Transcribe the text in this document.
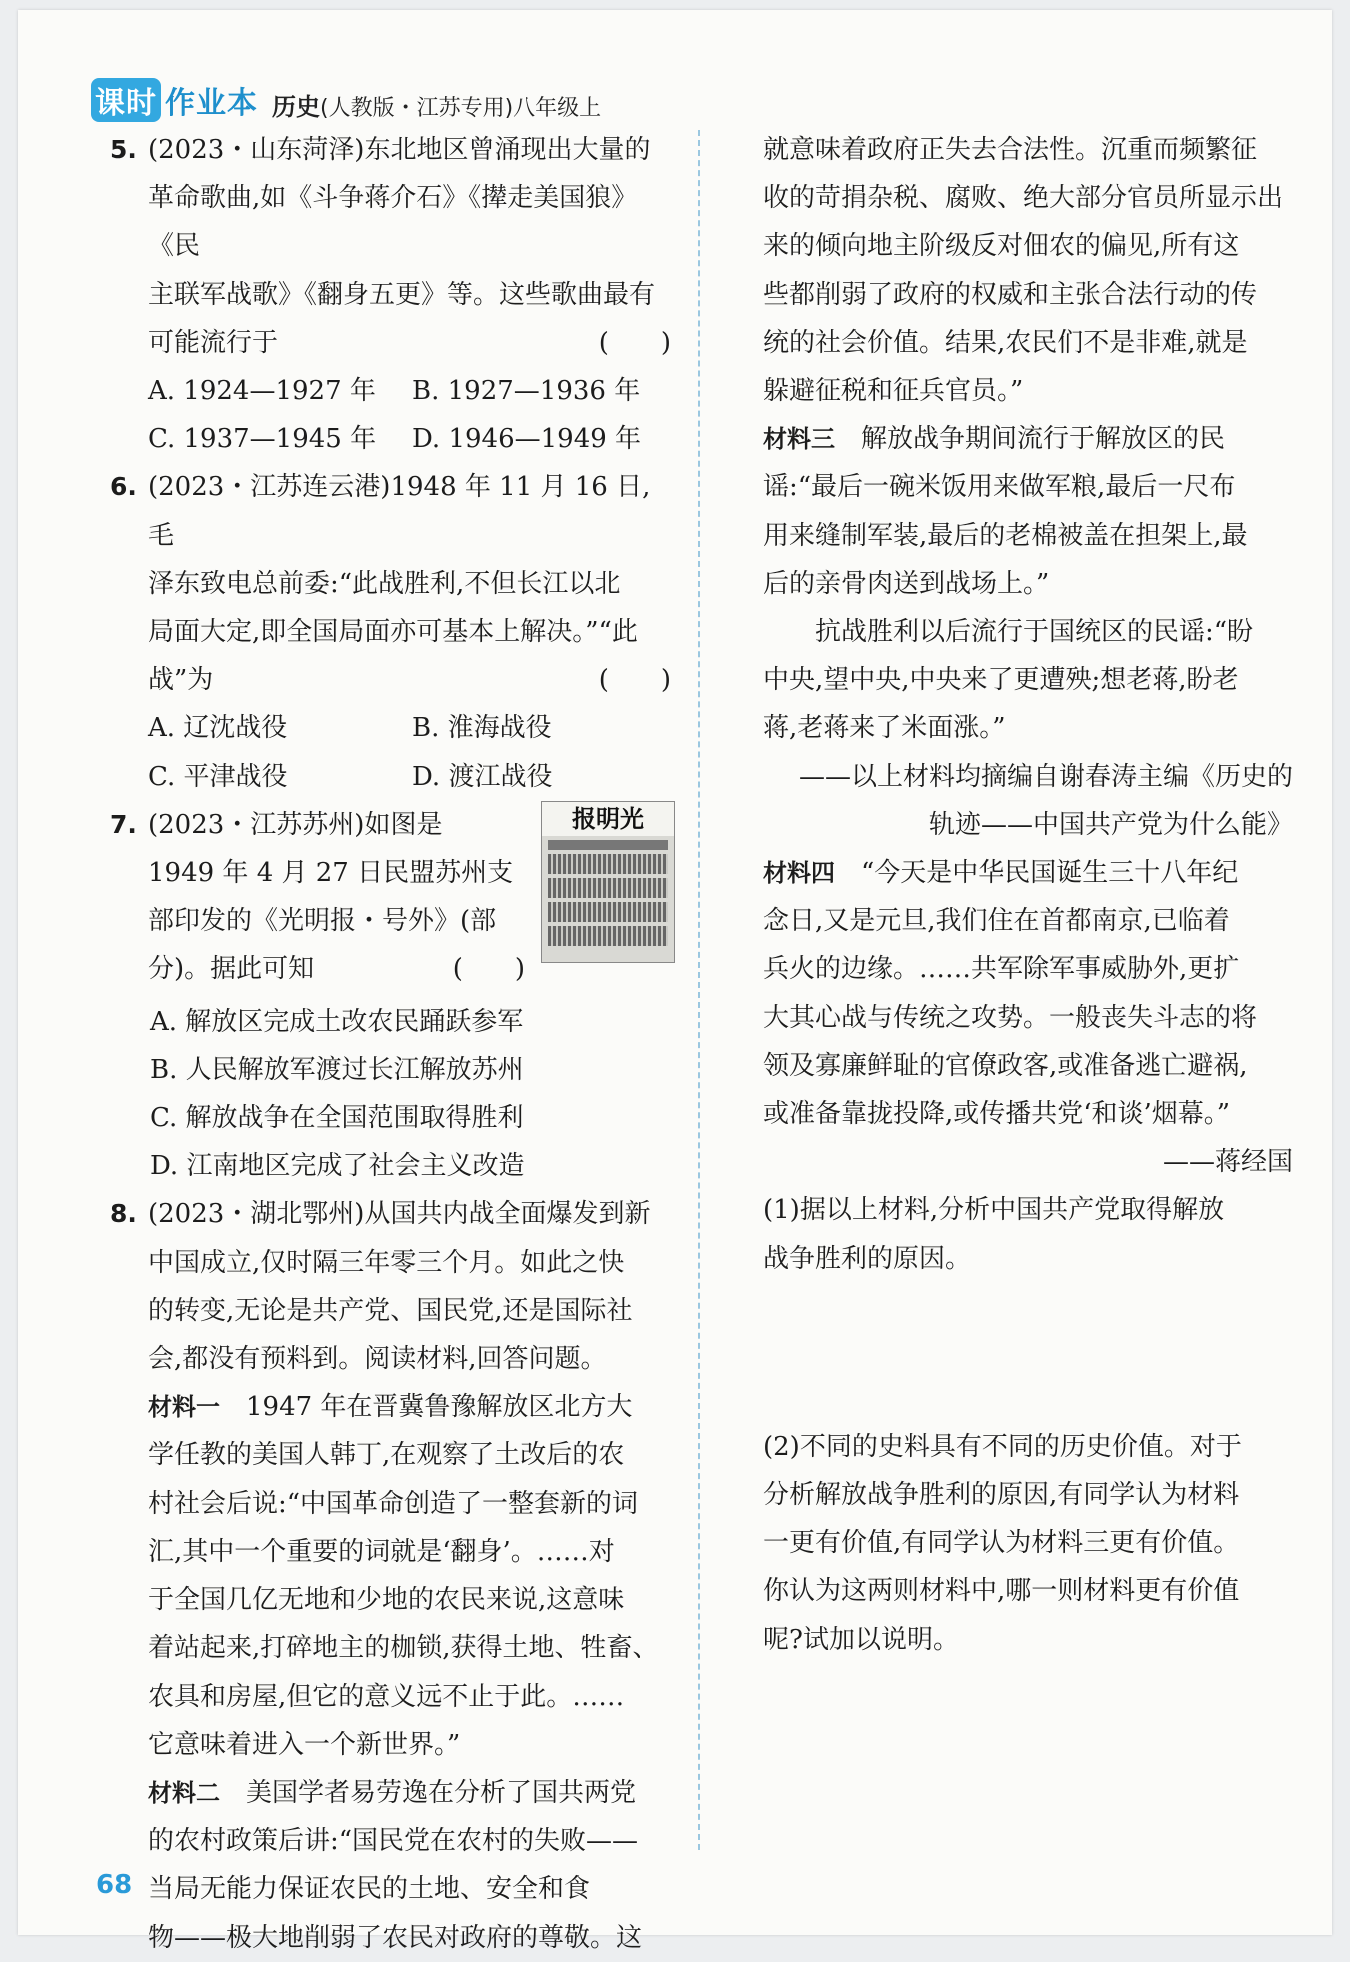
课时 作业本 历史(人教版・江苏专用)八年级上
5. (2023・山东菏泽)东北地区曾涌现出大量的
革命歌曲,如《斗争蒋介石》《撵走美国狼》《民
主联军战歌》《翻身五更》等。这些歌曲最有
可能流行于	(　　)
A. 1924—1927 年	B. 1927—1936 年
C. 1937—1945 年	D. 1946—1949 年
6. (2023・江苏连云港)1948 年 11 月 16 日,毛
泽东致电总前委:“此战胜利,不但长江以北
局面大定,即全国局面亦可基本上解决。”“此
战”为	(　　)
A. 辽沈战役	B. 淮海战役
C. 平津战役	D. 渡江战役
7.	报明光
(2023・江苏苏州)如图是
1949 年 4 月 27 日民盟苏州支
部印发的《光明报・号外》(部
分)。据此可知	(　　)
A. 解放区完成土改农民踊跃参军
B. 人民解放军渡过长江解放苏州
C. 解放战争在全国范围取得胜利
D. 江南地区完成了社会主义改造
8. (2023・湖北鄂州)从国共内战全面爆发到新
中国成立,仅时隔三年零三个月。如此之快
的转变,无论是共产党、国民党,还是国际社
会,都没有预料到。阅读材料,回答问题。
材料一　1947 年在晋冀鲁豫解放区北方大
学任教的美国人韩丁,在观察了土改后的农
村社会后说:“中国革命创造了一整套新的词
汇,其中一个重要的词就是‘翻身’。……对
于全国几亿无地和少地的农民来说,这意味
着站起来,打碎地主的枷锁,获得土地、牲畜、
农具和房屋,但它的意义远不止于此。……
它意味着进入一个新世界。”
材料二　美国学者易劳逸在分析了国共两党
的农村政策后讲:“国民党在农村的失败——
当局无能力保证农民的土地、安全和食
物——极大地削弱了农民对政府的尊敬。这
就意味着政府正失去合法性。沉重而频繁征
收的苛捐杂税、腐败、绝大部分官员所显示出
来的倾向地主阶级反对佃农的偏见,所有这
些都削弱了政府的权威和主张合法行动的传
统的社会价值。结果,农民们不是非难,就是
躲避征税和征兵官员。”
材料三　解放战争期间流行于解放区的民
谣:“最后一碗米饭用来做军粮,最后一尺布
用来缝制军装,最后的老棉被盖在担架上,最
后的亲骨肉送到战场上。”
抗战胜利以后流行于国统区的民谣:“盼
中央,望中央,中央来了更遭殃;想老蒋,盼老
蒋,老蒋来了米面涨。”
——以上材料均摘编自谢春涛主编《历史的
轨迹——中国共产党为什么能》
材料四　“今天是中华民国诞生三十八年纪
念日,又是元旦,我们住在首都南京,已临着
兵火的边缘。……共军除军事威胁外,更扩
大其心战与传统之攻势。一般丧失斗志的将
领及寡廉鲜耻的官僚政客,或准备逃亡避祸,
或准备靠拢投降,或传播共党‘和谈’烟幕。”
——蒋经国
(1)据以上材料,分析中国共产党取得解放
战争胜利的原因。
(2)不同的史料具有不同的历史价值。对于
分析解放战争胜利的原因,有同学认为材料
一更有价值,有同学认为材料三更有价值。
你认为这两则材料中,哪一则材料更有价值
呢?试加以说明。
68
